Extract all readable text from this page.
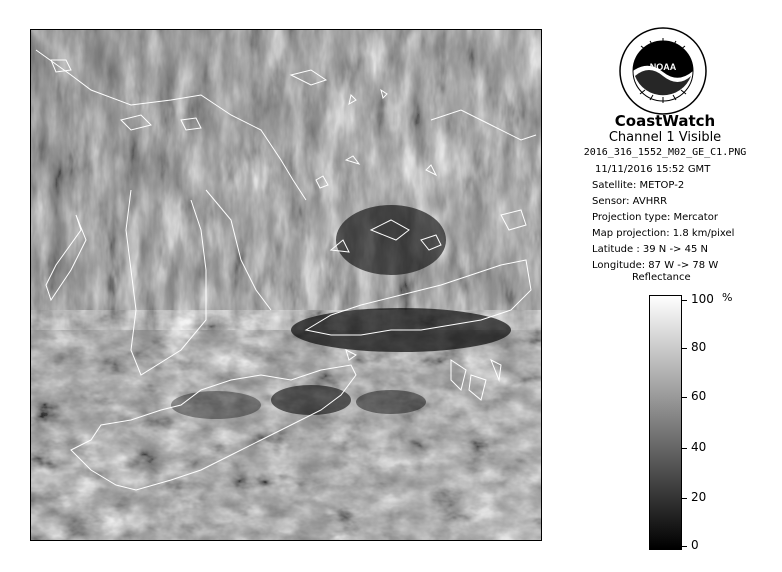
NOAA
CoastWatch
Channel 1 Visible
2016_316_1552_M02_GE_C1.PNG
11/11/2016 15:52 GMT
Satellite: METOP-2
Sensor: AVHRR
Projection type: Mercator
Map projection: 1.8 km/pixel
Latitude : 39 N -> 45 N
Longitude: 87 W -> 78 W
Reflectance
%
100
80
60
40
20
0
